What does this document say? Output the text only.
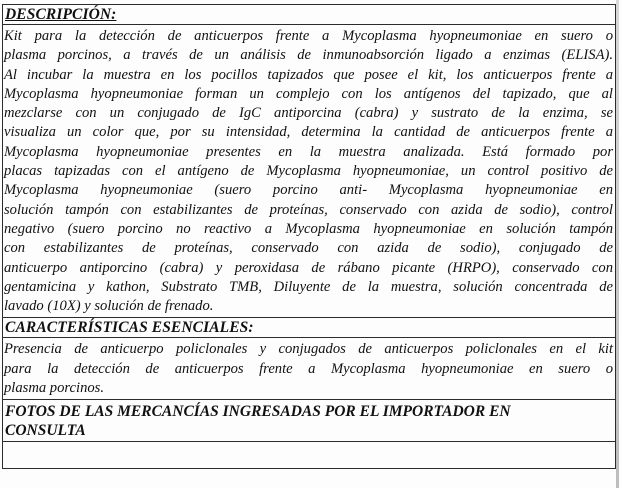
DESCRIPCIÓN:
Kit para la detección de anticuerpos frente a Mycoplasma hyopneumoniae en suero o
plasma porcinos, a través de un análisis de inmunoabsorción ligado a enzimas (ELISA).
Al incubar la muestra en los pocillos tapizados que posee el kit, los anticuerpos frente a
Mycoplasma hyopneumoniae forman un complejo con los antígenos del tapizado, que al
mezclarse con un conjugado de IgC antiporcina (cabra) y sustrato de la enzima, se
visualiza un color que, por su intensidad, determina la cantidad de anticuerpos frente a
Mycoplasma hyopneumoniae presentes en la muestra analizada. Está formado por
placas tapizadas con el antígeno de Mycoplasma hyopneumoniae, un control positivo de
Mycoplasma hyopneumoniae (suero porcino anti- Mycoplasma hyopneumoniae en
solución tampón con estabilizantes de proteínas, conservado con azida de sodio), control
negativo (suero porcino no reactivo a Mycoplasma hyopneumoniae en solución tampón
con estabilizantes de proteínas, conservado con azida de sodio), conjugado de
anticuerpo antiporcino (cabra) y peroxidasa de rábano picante (HRPO), conservado con
gentamicina y kathon, Substrato TMB, Diluyente de la muestra, solución concentrada de
lavado (10X) y solución de frenado.
CARACTERÍSTICAS ESENCIALES:
Presencia de anticuerpo policlonales y conjugados de anticuerpos policlonales en el kit
para la detección de anticuerpos frente a Mycoplasma hyopneumoniae en suero o
plasma porcinos.
FOTOS DE LAS MERCANCÍAS INGRESADAS POR EL IMPORTADOR EN
CONSULTA
